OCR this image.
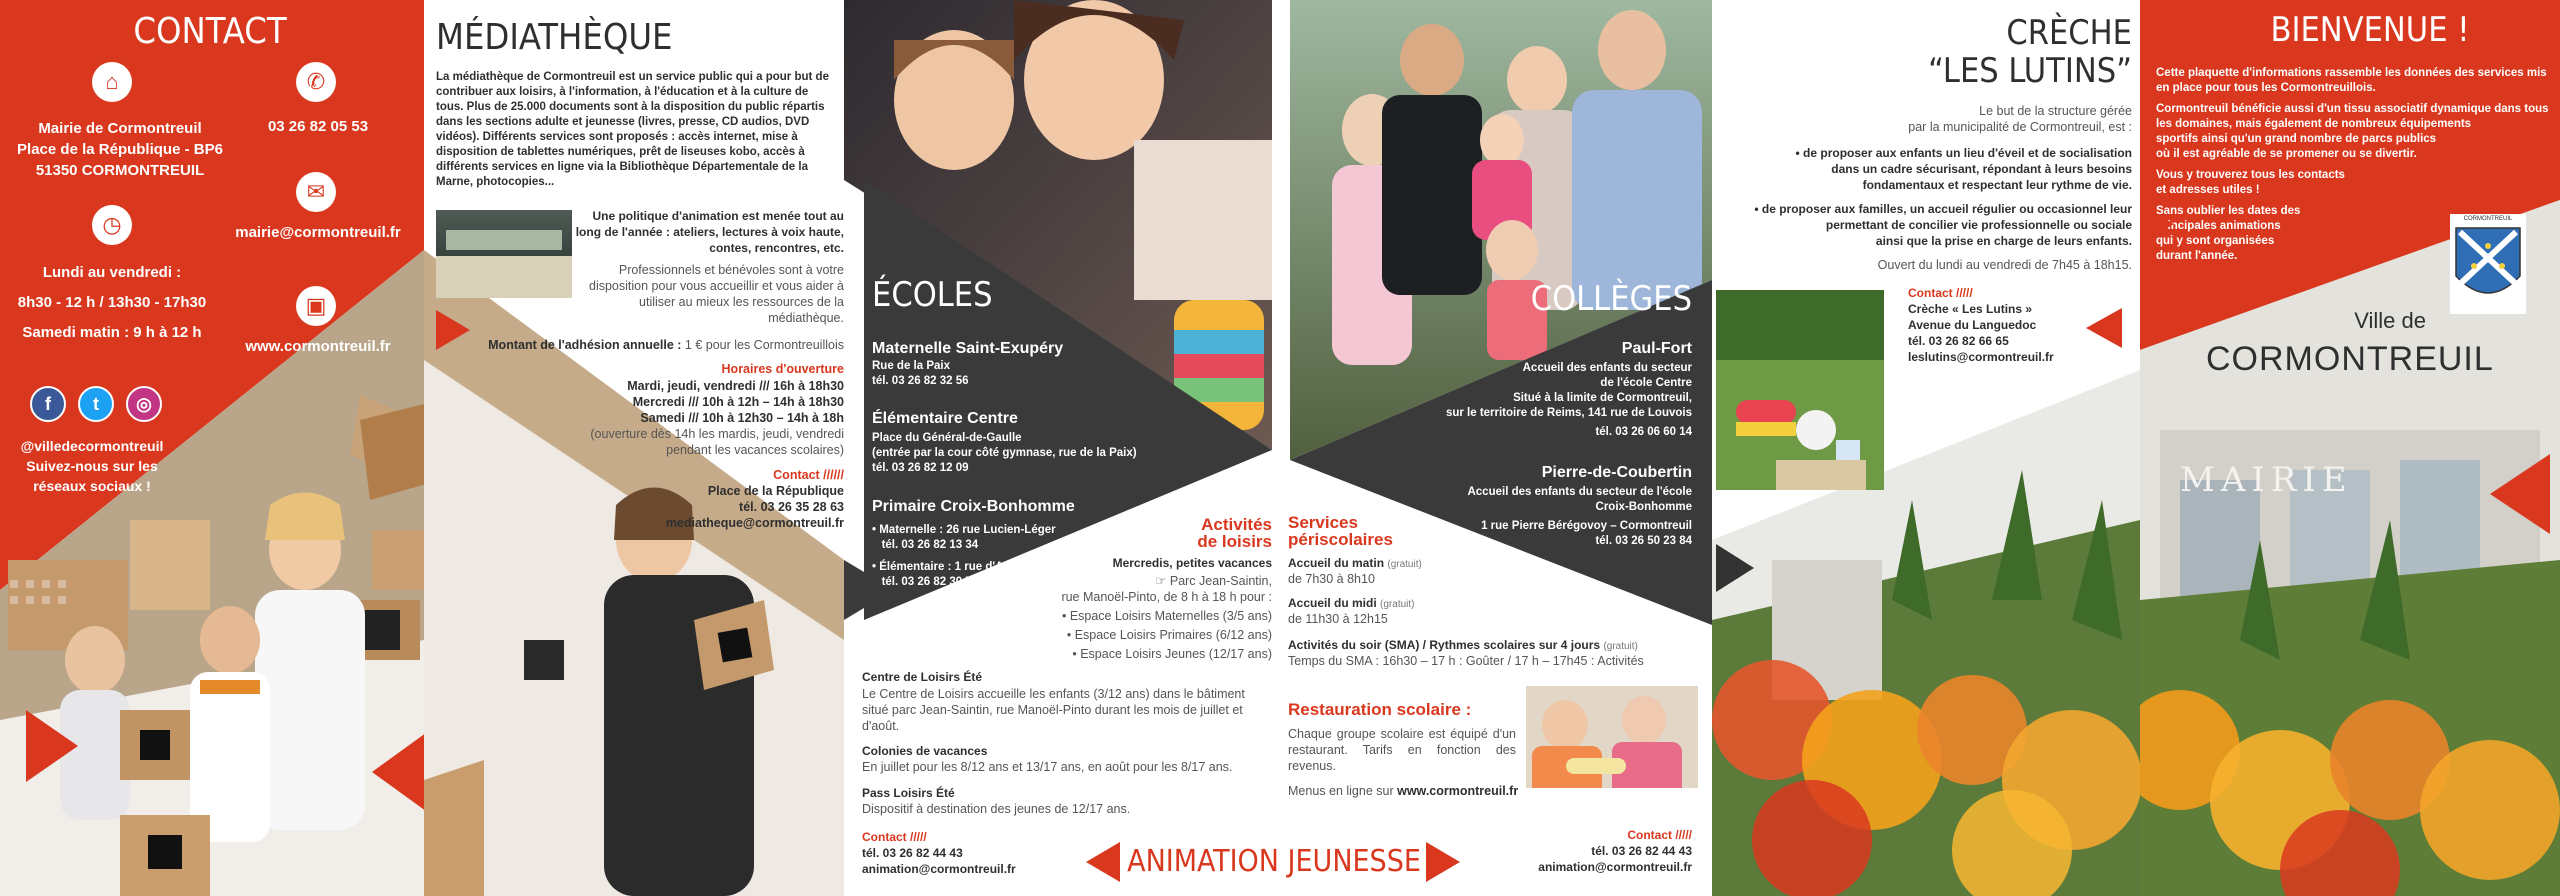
CONTACT
⌂
Mairie de Cormontreuil
Place de la République - BP6
51350 CORMONTREUIL
✆
03 26 82 05 53
◷
Lundi au vendredi :
8h30 - 12 h / 13h30 - 17h30
Samedi matin : 9 h à 12 h
✉
mairie@cormontreuil.fr
▣
www.cormontreuil.fr
f	t	◎
@villedecormontreuil
Suivez-nous sur les
réseaux sociaux !
MÉDIATHÈQUE
La médiathèque de Cormontreuil est un service public qui a pour but de contribuer aux loisirs, à l'information, à l'éducation et à la culture de tous. Plus de 25.000 documents sont à la disposition du public répartis dans les sections adulte et jeunesse (livres, presse, CD audios, DVD vidéos). Différents services sont proposés : accès internet, mise à disposition de tablettes numériques, prêt de liseuses kobo, accès à différents services en ligne via la Bibliothèque Départementale de la Marne, photocopies...
Une politique d'animation est menée tout au long de l'année : ateliers, lectures à voix haute, contes, rencontres, etc.
Professionnels et bénévoles sont à votre disposition pour vous accueillir et vous aider à utiliser au mieux les ressources de la médiathèque.
Montant de l'adhésion annuelle : 1 € pour les Cormontreuillois
Horaires d'ouverture
Mardi, jeudi, vendredi /// 16h à 18h30
Mercredi /// 10h à 12h – 14h à 18h30
Samedi /// 10h à 12h30 – 14h à 18h
(ouverture dès 14h les mardis, jeudi, vendredi
pendant les vacances scolaires)
Contact //////
Place de la République
tél. 03 26 35 28 63
mediatheque@cormontreuil.fr
ÉCOLES
Maternelle Saint-Exupéry
Rue de la Paix
tél. 03 26 82 32 56
Élémentaire Centre
Place du Général-de-Gaulle
(entrée par la cour côté gymnase, rue de la Paix)
tél. 03 26 82 12 09
Primaire Croix-Bonhomme
• Maternelle : 26 rue Lucien-Léger
tél. 03 26 82 13 34
• Élémentaire : 1 rue d'Aunis
tél. 03 26 82 30 75
Activités
de loisirs
Mercredis, petites vacances
☞ Parc Jean-Saintin,
rue Manoël-Pinto, de 8 h à 18 h pour :
• Espace Loisirs Maternelles (3/5 ans)
• Espace Loisirs Primaires (6/12 ans)
• Espace Loisirs Jeunes (12/17 ans)
Centre de Loisirs Été
Le Centre de Loisirs accueille les enfants (3/12 ans) dans le bâtiment situé parc Jean-Saintin, rue Manoël-Pinto durant les mois de juillet et d'août.
Colonies de vacances
En juillet pour les 8/12 ans et 13/17 ans, en août pour les 8/17 ans.
Pass Loisirs Été
Dispositif à destination des jeunes de 12/17 ans.
Contact /////
tél. 03 26 82 44 43
animation@cormontreuil.fr	ANIMATION JEUNESSE
COLLÈGES
Paul-Fort
Accueil des enfants du secteur
de l'école Centre
Situé à la limite de Cormontreuil,
sur le territoire de Reims, 141 rue de Louvois
tél. 03 26 06 60 14
Pierre-de-Coubertin
Accueil des enfants du secteur de l'école
Croix-Bonhomme
1 rue Pierre Bérégovoy – Cormontreuil
tél. 03 26 50 23 84
Services
périscolaires
Accueil du matin (gratuit)
de 7h30 à 8h10
Accueil du midi (gratuit)
de 11h30 à 12h15
Activités du soir (SMA) / Rythmes scolaires sur 4 jours (gratuit)
Temps du SMA : 16h30 – 17 h : Goûter / 17 h – 17h45 : Activités
Restauration scolaire :
Chaque groupe scolaire est équipé d'un restaurant. Tarifs en fonction des revenus.
Menus en ligne sur www.cormontreuil.fr
Contact /////
tél. 03 26 82 44 43
animation@cormontreuil.fr
CRÈCHE
“LES LUTINS”
Le but de la structure gérée
par la municipalité de Cormontreuil, est :
• de proposer aux enfants un lieu d'éveil et de socialisation
dans un cadre sécurisant, répondant à leurs besoins
fondamentaux et respectant leur rythme de vie.
• de proposer aux familles, un accueil régulier ou occasionnel leur
permettant de concilier vie professionnelle ou sociale
ainsi que la prise en charge de leurs enfants.
Ouvert du lundi au vendredi de 7h45 à 18h15.
Contact /////
Crèche « Les Lutins »
Avenue du Languedoc
tél. 03 26 82 66 65
leslutins@cormontreuil.fr
BIENVENUE !
Cette plaquette d'informations rassemble les données des services mis
en place pour tous les Cormontreuillois.
Cormontreuil bénéficie aussi d'un tissu associatif dynamique dans tous
les domaines, mais également de nombreux équipements
sportifs ainsi qu'un grand nombre de parcs publics
où il est agréable de se promener ou se divertir.
Vous y trouverez tous les contacts
et adresses utiles !
Sans oublier les dates des
principales animations
qui y sont organisées
durant l'année.
CORMONTREUIL
Ville de
CORMONTREUIL
MAIRIE
